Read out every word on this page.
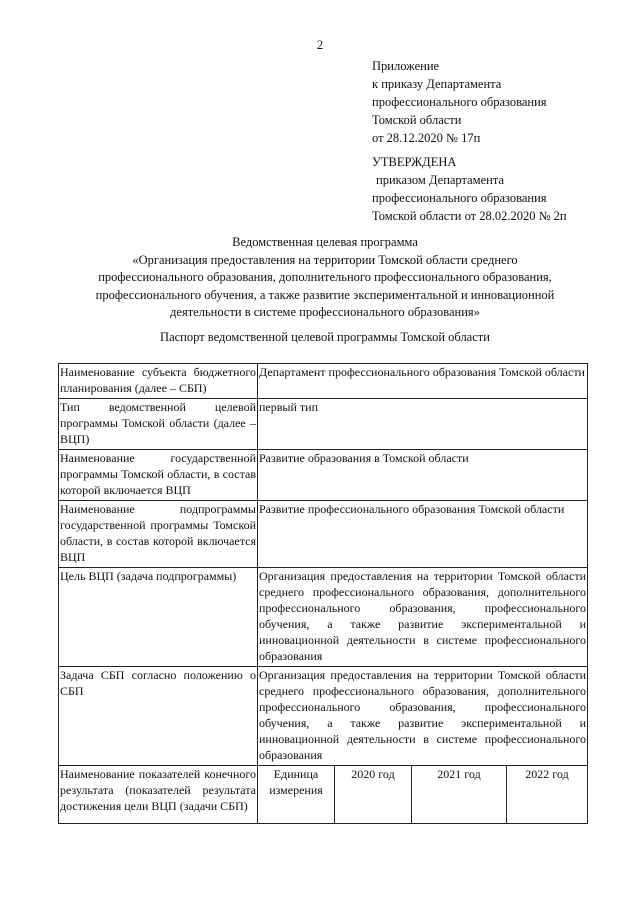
2
Приложение
к приказу Департамента
профессионального образования
Томской области
от 28.12.2020 № 17п
УТВЕРЖДЕНА
приказом Департамента
профессионального образования
Томской области от 28.02.2020 № 2п
Ведомственная целевая программа
«Организация предоставления на территории Томской области среднего
профессионального образования, дополнительного профессионального образования,
профессионального обучения, а также развитие экспериментальной и инновационной
деятельности в системе профессионального образования»
Паспорт ведомственной целевой программы Томской области
Наименование субъекта бюджетного планирования (далее – СБП)	Департамент профессионального образования Томской области			
Тип ведомственной целевой программы Томской области (далее – ВЦП)	первый тип			
Наименование государственной программы Томской области, в состав которой включается ВЦП	Развитие образования в Томской области			
Наименование подпрограммы государственной программы Томской области, в состав которой включается ВЦП	Развитие профессионального образования Томской области			
Цель ВЦП (задача подпрограммы)	Организация предоставления на территории Томской области среднего профессионального образования, дополнительного профессионального образования, профессионального обучения, а также развитие экспериментальной и инновационной деятельности в системе профессионального образования			
Задача СБП согласно положению о СБП	Организация предоставления на территории Томской области среднего профессионального образования, дополнительного профессионального образования, профессионального обучения, а также развитие экспериментальной и инновационной деятельности в системе профессионального образования			
Наименование показателей конечного результата (показателей результата достижения цели ВЦП (задачи СБП)	Единица измерения	2020 год	2021 год	2022 год
